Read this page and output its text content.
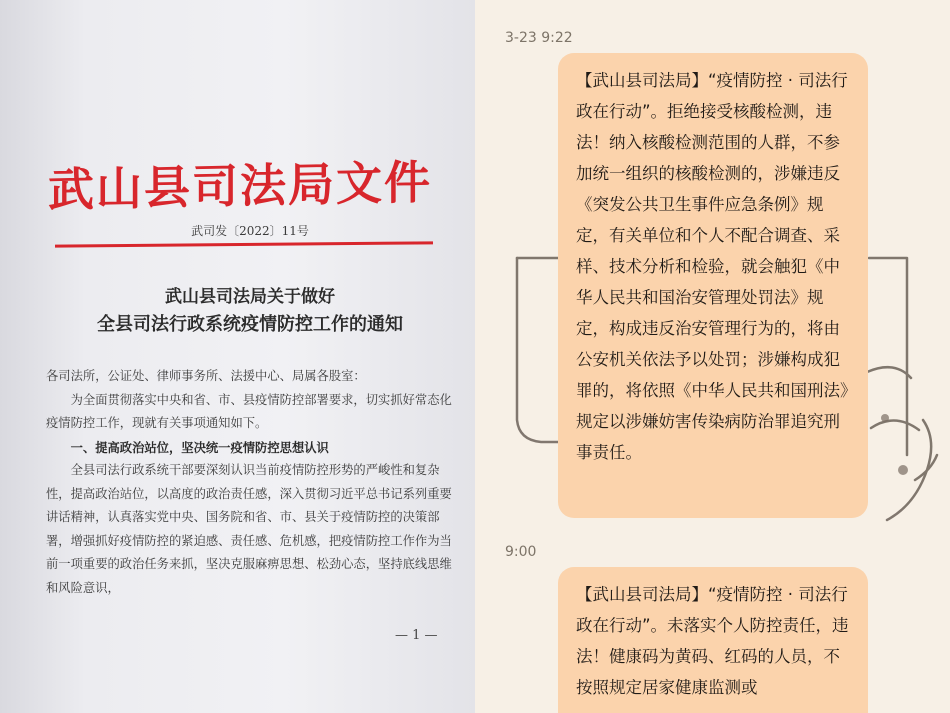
武山县司法局文件
武司发〔2022〕11号
武山县司法局关于做好
全县司法行政系统疫情防控工作的通知

各司法所，公证处、律师事务所、法援中心、局属各股室：

为全面贯彻落实中央和省、市、县疫情防控部署要求，切实抓好常态化疫情防控工作，现就有关事项通知如下。

一、提高政治站位，坚决统一疫情防控思想认识

全县司法行政系统干部要深刻认识当前疫情防控形势的严峻性和复杂性，提高政治站位，以高度的政治责任感，深入贯彻习近平总书记系列重要讲话精神，认真落实党中央、国务院和省、市、县关于疫情防控的决策部署，增强抓好疫情防控的紧迫感、责任感、危机感，把疫情防控工作作为当前一项重要的政治任务来抓，坚决克服麻痹思想、松劲心态，坚持底线思维和风险意识，

— 1 —
3-23 9:22
【武山县司法局】“疫情防控 · 司法行政在行动”。拒绝接受核酸检测，违法！纳入核酸检测范围的人群，不参加统一组织的核酸检测的，涉嫌违反《突发公共卫生事件应急条例》规定，有关单位和个人不配合调查、采样、技术分析和检验，就会触犯《中华人民共和国治安管理处罚法》规定，构成违反治安管理行为的，将由公安机关依法予以处罚；涉嫌构成犯罪的，将依照《中华人民共和国刑法》规定以涉嫌妨害传染病防治罪追究刑事责任。
9:00
【武山县司法局】“疫情防控 · 司法行政在行动”。未落实个人防控责任，违法！健康码为黄码、红码的人员，不按照规定居家健康监测或
